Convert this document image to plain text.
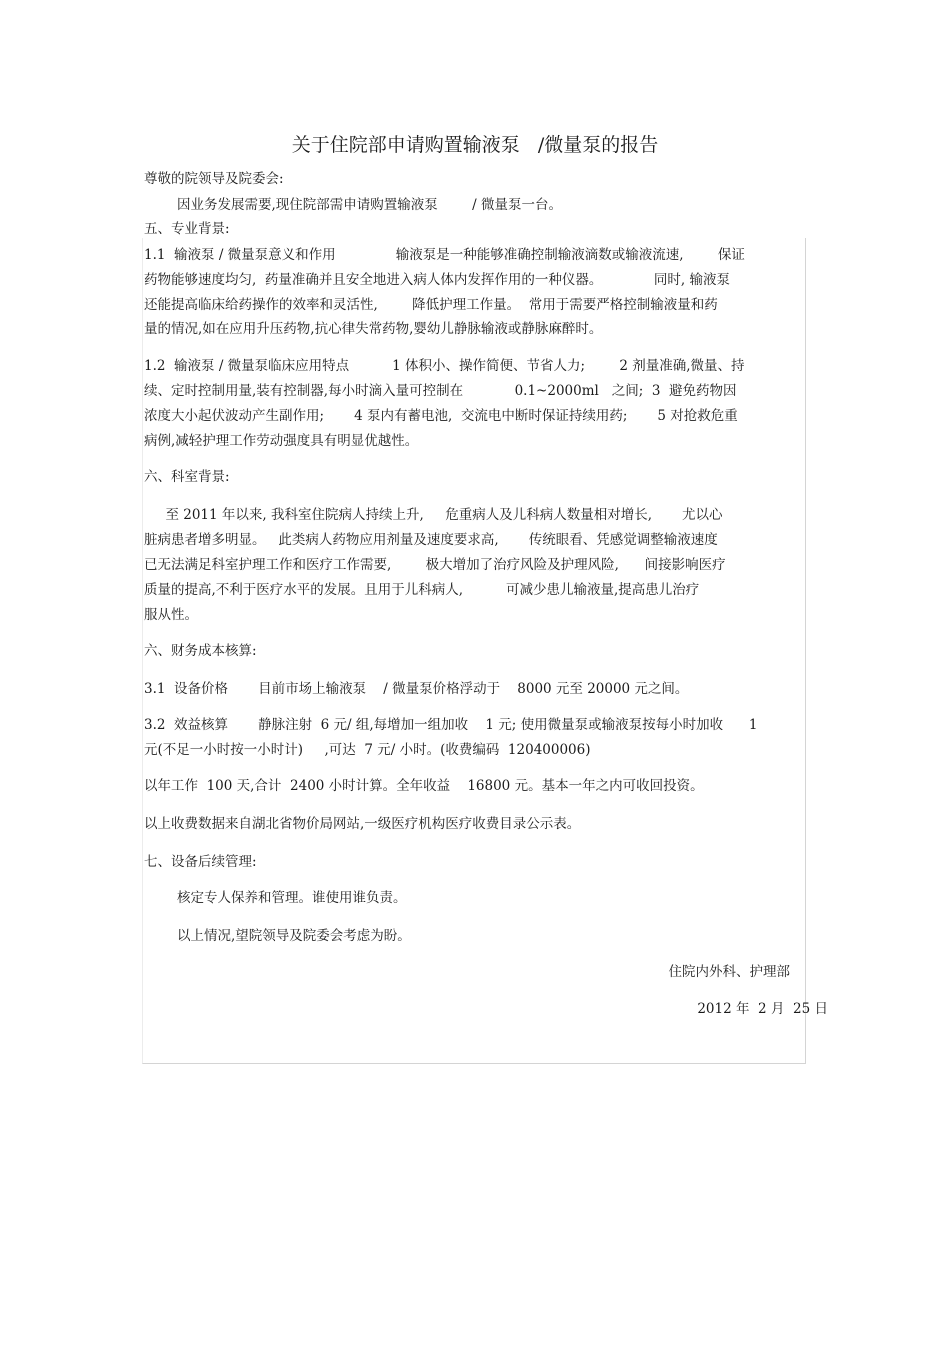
关于住院部申请购置输液泵   /微量泵的报告
尊敬的院领导及院委会:
因业务发展需要,现住院部需申请购置输液泵        / 微量泵一台。
五、专业背景:
1.1  输液泵 / 微量泵意义和作用              输液泵是一种能够准确控制输液滴数或输液流速,        保证
药物能够速度均匀,  药量准确并且安全地进入病人体内发挥作用的一种仪器。            同时, 输液泵
还能提高临床给药操作的效率和灵活性,        降低护理工作量。  常用于需要严格控制输液量和药
量的情况,如在应用升压药物,抗心律失常药物,婴幼儿静脉输液或静脉麻醉时。
1.2  输液泵 / 微量泵临床应用特点          1 体积小、操作简便、节省人力;        2 剂量准确,微量、持
续、定时控制用量,装有控制器,每小时滴入量可控制在            0.1~2000ml   之间;  3  避免药物因
浓度大小起伏波动产生副作用;       4 泵内有蓄电池,  交流电中断时保证持续用药;       5 对抢救危重
病例,减轻护理工作劳动强度具有明显优越性。
六、科室背景:
至 2011 年以来, 我科室住院病人持续上升,     危重病人及儿科病人数量相对增长,       尤以心
脏病患者增多明显。   此类病人药物应用剂量及速度要求高,       传统眼看、凭感觉调整输液速度
已无法满足科室护理工作和医疗工作需要,        极大增加了治疗风险及护理风险,      间接影响医疗
质量的提高,不利于医疗水平的发展。且用于儿科病人,          可减少患儿输液量,提高患儿治疗
服从性。
六、财务成本核算:
3.1  设备价格       目前市场上输液泵    / 微量泵价格浮动于    8000 元至 20000 元之间。
3.2  效益核算       静脉注射  6 元/ 组,每增加一组加收    1 元; 使用微量泵或输液泵按每小时加收      1
元(不足一小时按一小时计)     ,可达  7 元/ 小时。(收费编码  120400006)
以年工作  100 天,合计  2400 小时计算。全年收益    16800 元。基本一年之内可收回投资。
以上收费数据来自湖北省物价局网站,一级医疗机构医疗收费目录公示表。
七、设备后续管理:
核定专人保养和管理。谁使用谁负责。
以上情况,望院领导及院委会考虑为盼。
住院内外科、护理部
2012 年  2 月  25 日
